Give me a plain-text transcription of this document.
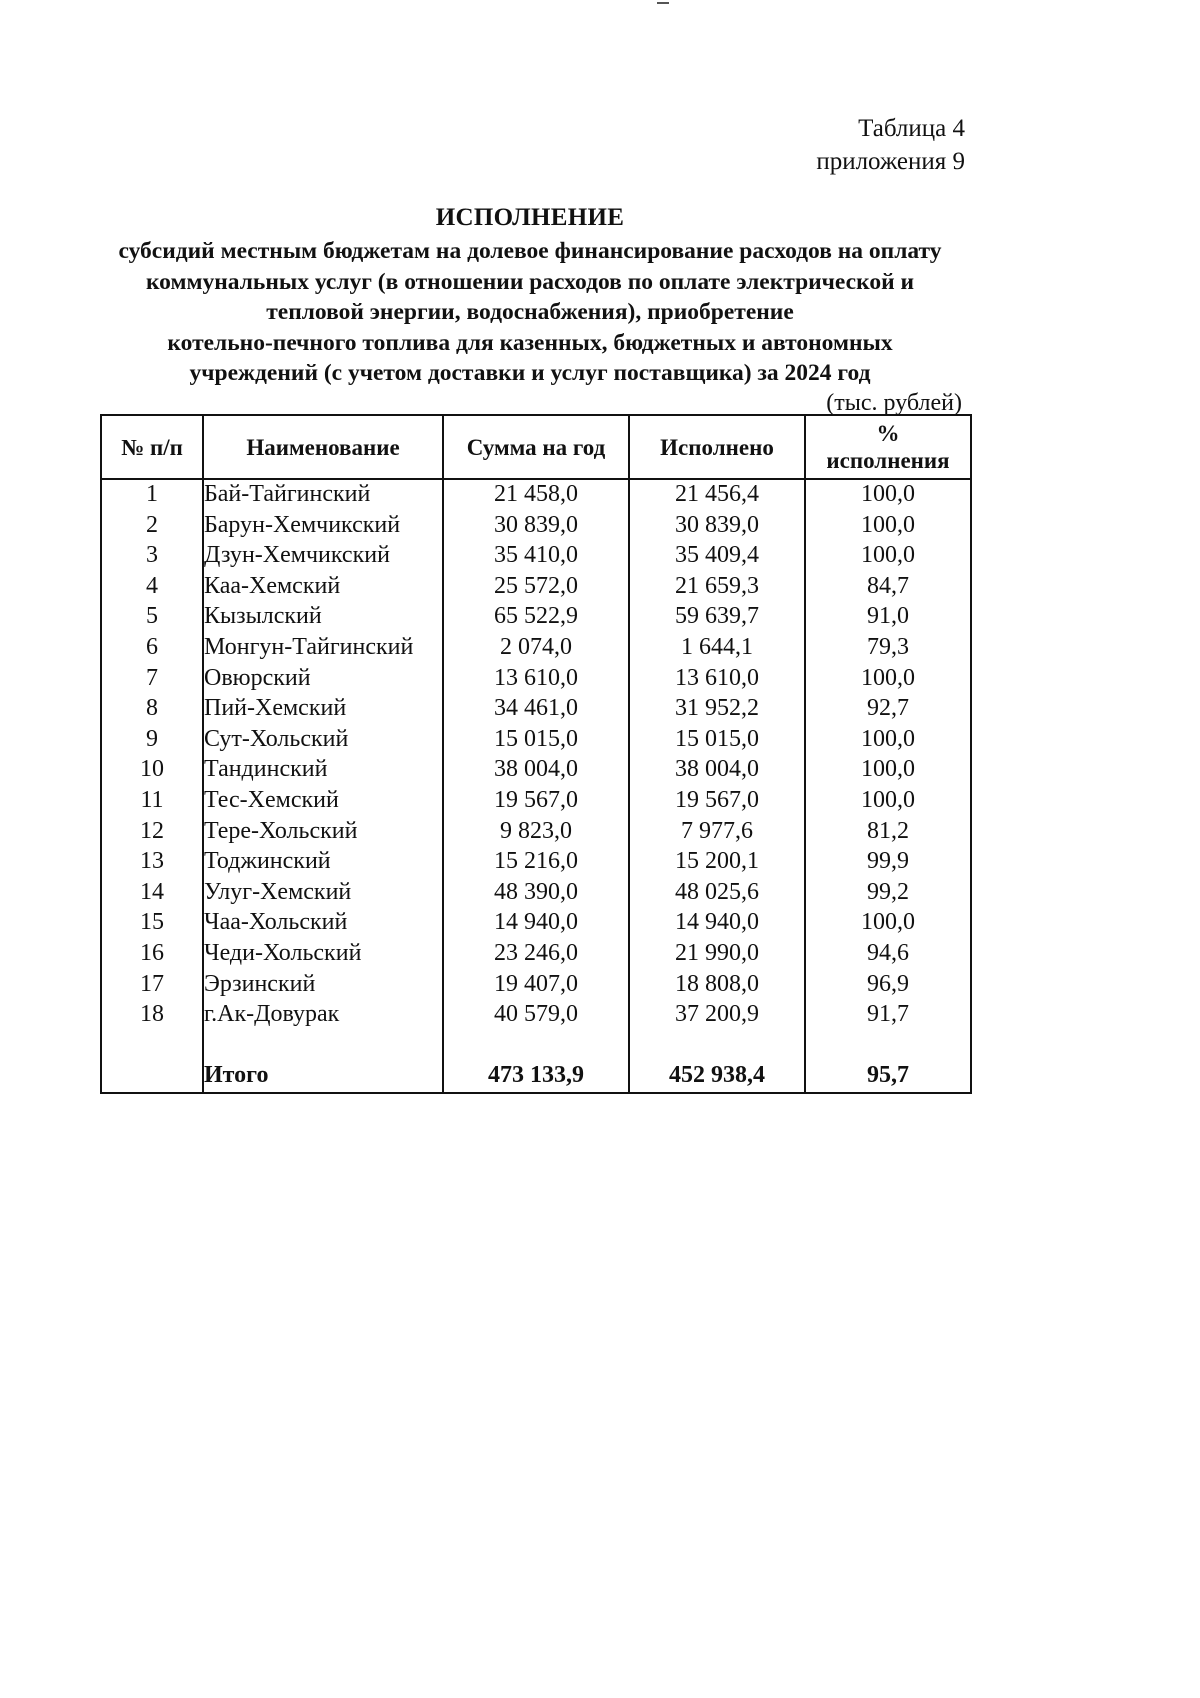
Таблица 4
приложения 9
ИСПОЛНЕНИЕ
субсидий местным бюджетам на долевое финансирование расходов на оплату
коммунальных услуг (в отношении расходов по оплате электрической и
тепловой энергии, водоснабжения), приобретение
котельно-печного топлива для казенных, бюджетных и автономных
учреждений (с учетом доставки и услуг поставщика) за 2024 год
(тыс. рублей)
№ п/п	Наименование	Сумма на год	Исполнено	%
исполнения

1	Бай-Тайгинский	21 458,0	21 456,4	100,0
2	Барун-Хемчикский	30 839,0	30 839,0	100,0
3	Дзун-Хемчикский	35 410,0	35 409,4	100,0
4	Каа-Хемский	25 572,0	21 659,3	84,7
5	Кызылский	65 522,9	59 639,7	91,0
6	Монгун-Тайгинский	2 074,0	1 644,1	79,3
7	Овюрский	13 610,0	13 610,0	100,0
8	Пий-Хемский	34 461,0	31 952,2	92,7
9	Сут-Хольский	15 015,0	15 015,0	100,0
10	Тандинский	38 004,0	38 004,0	100,0
11	Тес-Хемский	19 567,0	19 567,0	100,0
12	Тере-Хольский	9 823,0	7 977,6	81,2
13	Тоджинский	15 216,0	15 200,1	99,9
14	Улуг-Хемский	48 390,0	48 025,6	99,2
15	Чаа-Хольский	14 940,0	14 940,0	100,0
16	Чеди-Хольский	23 246,0	21 990,0	94,6
17	Эрзинский	19 407,0	18 808,0	96,9
18	г.Ак-Довурак	40 579,0	37 200,9	91,7

	Итого	473 133,9	452 938,4	95,7
